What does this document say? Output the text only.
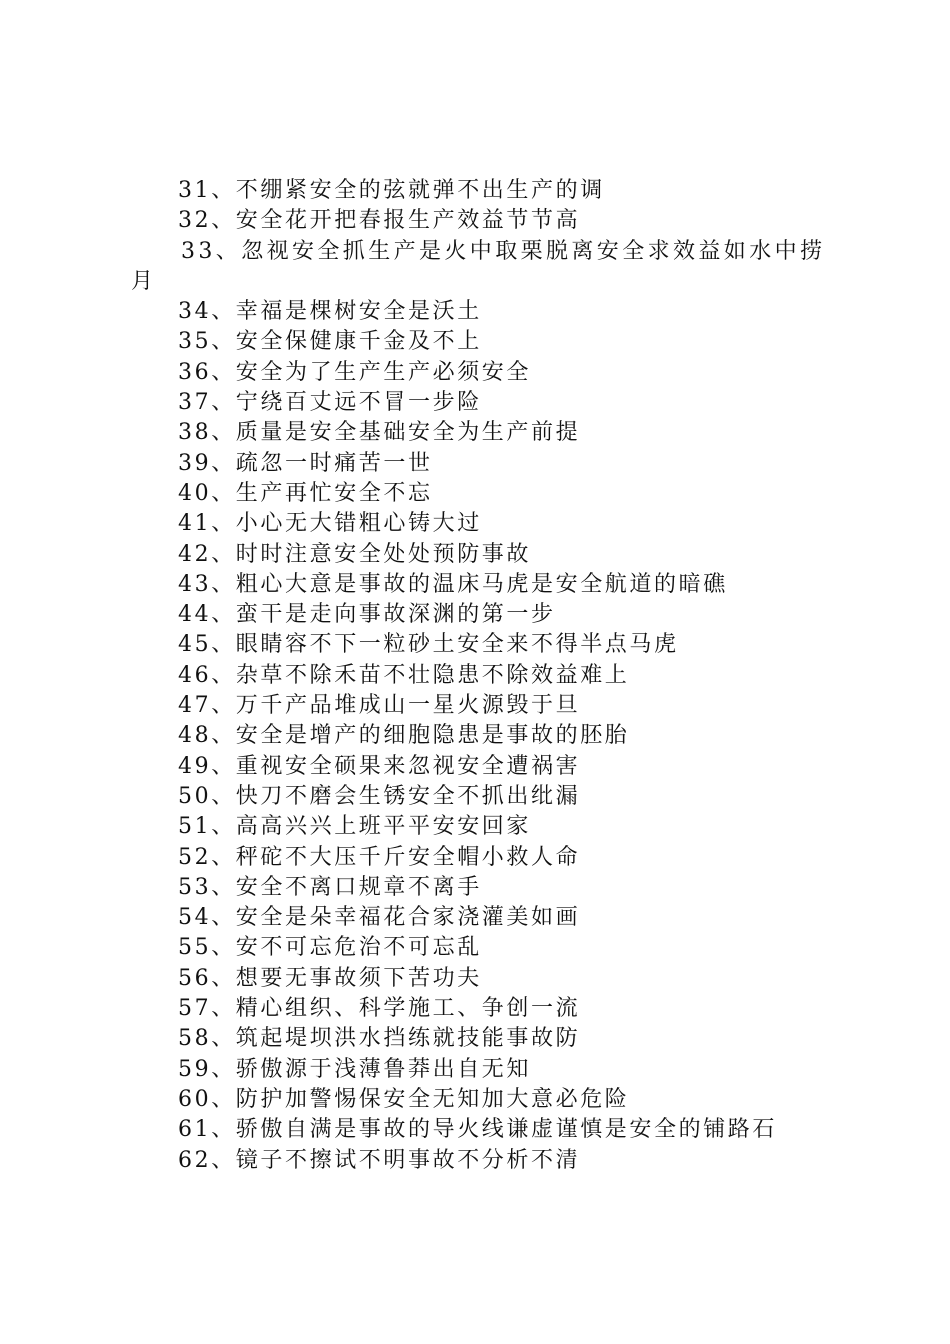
31、不绷紧安全的弦就弹不出生产的调
32、安全花开把春报生产效益节节高
33、忽视安全抓生产是火中取栗脱离安全求效益如水中捞
月
34、幸福是棵树安全是沃土
35、安全保健康千金及不上
36、安全为了生产生产必须安全
37、宁绕百丈远不冒一步险
38、质量是安全基础安全为生产前提
39、疏忽一时痛苦一世
40、生产再忙安全不忘
41、小心无大错粗心铸大过
42、时时注意安全处处预防事故
43、粗心大意是事故的温床马虎是安全航道的暗礁
44、蛮干是走向事故深渊的第一步
45、眼睛容不下一粒砂土安全来不得半点马虎
46、杂草不除禾苗不壮隐患不除效益难上
47、万千产品堆成山一星火源毁于旦
48、安全是增产的细胞隐患是事故的胚胎
49、重视安全硕果来忽视安全遭祸害
50、快刀不磨会生锈安全不抓出纰漏
51、高高兴兴上班平平安安回家
52、秤砣不大压千斤安全帽小救人命
53、安全不离口规章不离手
54、安全是朵幸福花合家浇灌美如画
55、安不可忘危治不可忘乱
56、想要无事故须下苦功夫
57、精心组织、科学施工、争创一流
58、筑起堤坝洪水挡练就技能事故防
59、骄傲源于浅薄鲁莽出自无知
60、防护加警惕保安全无知加大意必危险
61、骄傲自满是事故的导火线谦虚谨慎是安全的铺路石
62、镜子不擦试不明事故不分析不清
